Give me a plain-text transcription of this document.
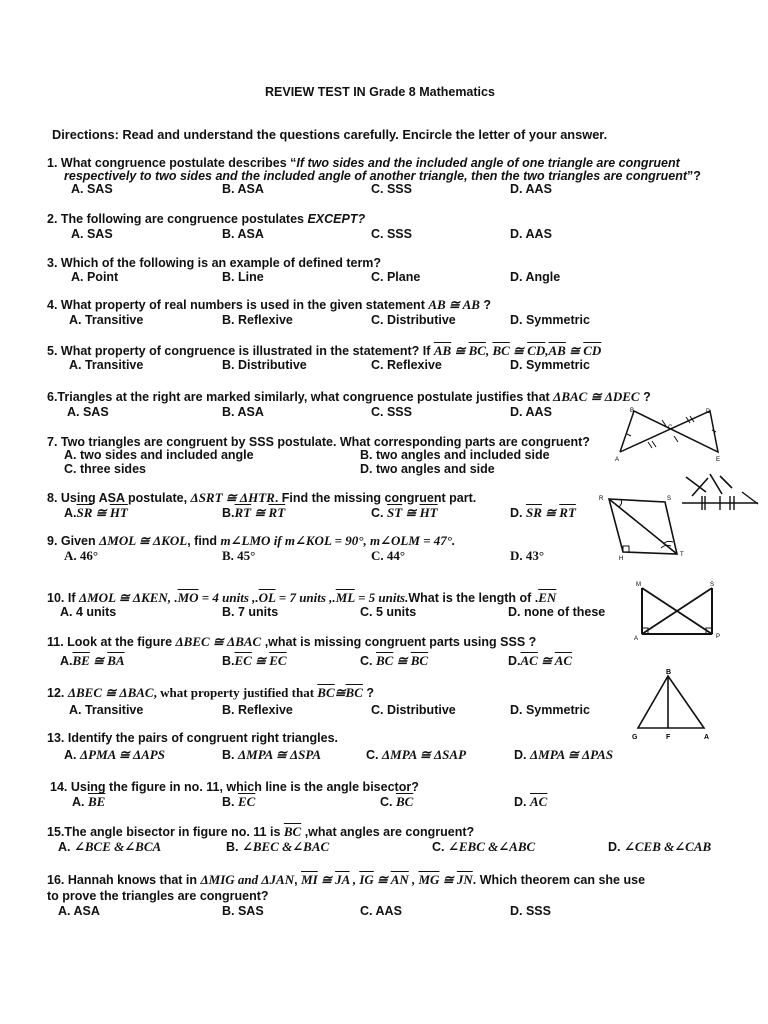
REVIEW TEST IN Grade 8 Mathematics
Directions: Read and understand the questions carefully. Encircle the letter of your answer.
1. What congruence postulate describes “If two sides and the included angle of one triangle are congruent
respectively to two sides and the included angle of another triangle, then the two triangles are congruent”?
A. SAS	B. ASA	C. SSS	D. AAS
2. The following are congruence postulates EXCEPT?
A. SAS	B. ASA	C. SSS	D. AAS
3. Which of the following is an example of defined term?
A. Point	B. Line	C. Plane	D. Angle
4. What property of real numbers is used in the given statement AB ≅ AB ?
A. Transitive	B. Reflexive	C. Distributive	D. Symmetric
5. What property of congruence is illustrated in the statement? If $\overline{AB}$ ≅ $\overline{BC}$, $\overline{BC}$ ≅ $\overline{CD},\overline{AB}$ ≅ $\overline{CD}$
A. Transitive	B. Distributive	C. Reflexive	D. Symmetric
6.Triangles at the right are marked similarly, what congruence postulate justifies that ΔBAC ≅ ΔDEC ?
A. SAS	B. ASA	C. SSS	D. AAS	B	D
C
A	E
7. Two triangles are congruent by SSS postulate. What corresponding parts are congruent?
A. two sides and included angle	B. two angles and included side
C. three sides	D. two angles and side
8. Using ASA postulate, ΔSRT ≅ ΔHTR. Find the missing congruent part.
$A.\overline{SR}$ ≅ $\overline{HT}$	$B.\overline{RT}$ ≅ $\overline{RT}$	C. $\overline{ST}$ ≅ $\overline{HT}$	D. $\overline{SR}$ ≅ $\overline{RT}$
R	S
H
T
9. Given ΔMOL ≅ ΔKOL, find m∠LMO if m∠KOL = 90°, m∠OLM = 47°.
A. 46°	B. 45°	C. 44°	D. 43°
10. If ΔMOL ≅ ΔKEN, $.\overline{MO} = 4$ units $,.\overline{OL} = 7$ units $,.\overline{ML} = 5$ units.What is the length of $.\overline{EN}$
A. 4 units	B. 7 units	C. 5 units	D. none of these
M	S
A	P
11. Look at the figure ΔBEC ≅ ΔBAC ,what is missing congruent parts using SSS ?
$A.\overline{BE}$ ≅ $\overline{BA}$	$B.\overline{EC}$ ≅ $\overline{EC}$	C. $\overline{BC}$ ≅ $\overline{BC}$	$D.\overline{AC}$ ≅ $\overline{AC}$
B
G	F	A
12. ΔBEC ≅ ΔBAC, what property justified that $\overline{BC}≅\overline{BC}$ ?
A. Transitive	B. Reflexive	C. Distributive	D. Symmetric
13. Identify the pairs of congruent right triangles.
A. ΔPMA ≅ ΔAPS	B. ΔMPA ≅ ΔSPA	C. ΔMPA ≅ ΔSAP	D. ΔMPA ≅ ΔPAS
14. Using the figure in no. 11, which line is the angle bisector?
A. $\overline{BE}$	B. $\overline{EC}$	C. $\overline{BC}$	D. $\overline{AC}$
15.The angle bisector in figure no. 11 is $\overline{BC}$ ,what angles are congruent?
A. ∠BCE &∠BCA	B. ∠BEC &∠BAC	C. ∠EBC &∠ABC	D. ∠CEB &∠CAB
16. Hannah knows that in ΔMIG and ΔJAN, $\overline{MI}$ ≅ $\overline{JA}$ , $\overline{IG}$ ≅ $\overline{AN}$ , $\overline{MG}$ ≅ $\overline{JN}$. Which theorem can she use
to prove the triangles are congruent?
A. ASA	B. SAS	C. AAS	D. SSS
